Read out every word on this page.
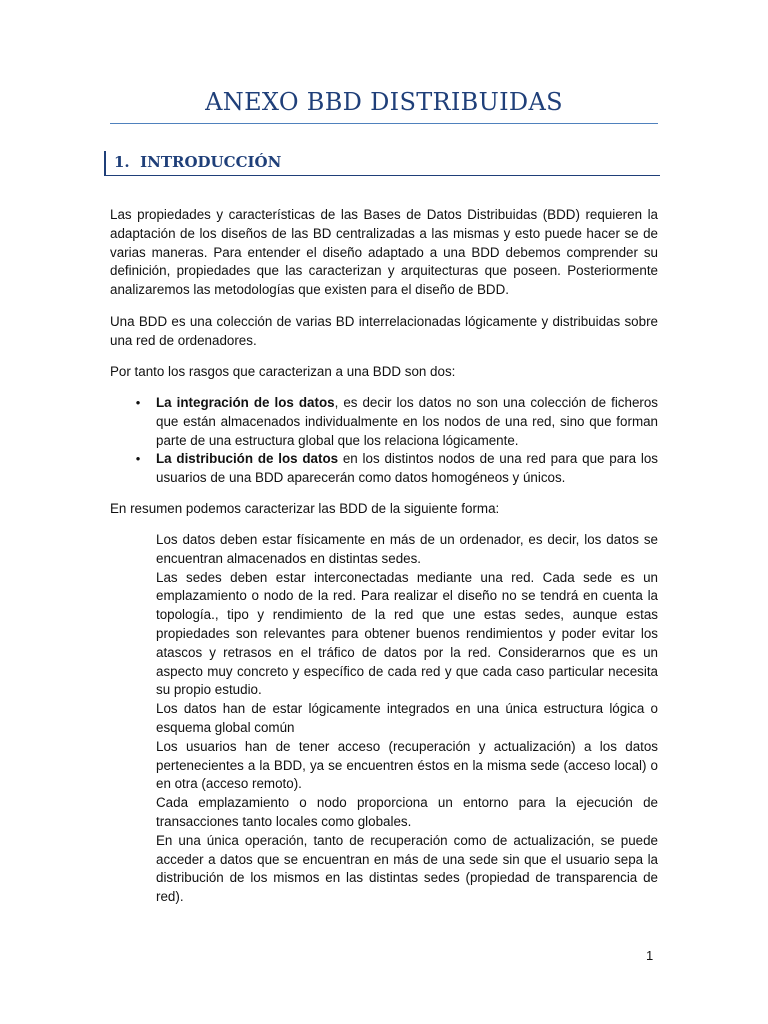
ANEXO BBD DISTRIBUIDAS
1. INTRODUCCIÓN

Las propiedades y características de las Bases de Datos Distribuidas (BDD) requieren la adaptación de los diseños de las BD centralizadas a las mismas y esto puede hacer se de varias maneras. Para entender el diseño adaptado a una BDD debemos comprender su definición, propiedades que las caracterizan y arquitecturas que poseen. Posteriormente analizaremos las metodologías que existen para el diseño de BDD.

Una BDD es una colección de varias BD interrelacionadas lógicamente y distribuidas sobre una red de ordenadores.

Por tanto los rasgos que caracterizan a una BDD son dos:

• La integración de los datos, es decir los datos no son una colección de ficheros que están almacenados individualmente en los nodos de una red, sino que forman parte de una estructura global que los relaciona lógicamente.
• La distribución de los datos en los distintos nodos de una red para que para los usuarios de una BDD aparecerán como datos homogéneos y únicos.

En resumen podemos caracterizar las BDD de la siguiente forma:

Los datos deben estar físicamente en más de un ordenador, es decir, los datos se encuentran almacenados en distintas sedes.
Las sedes deben estar interconectadas mediante una red. Cada sede es un emplazamiento o nodo de la red. Para realizar el diseño no se tendrá en cuenta la topología., tipo y rendimiento de la red que une estas sedes, aunque estas propiedades son relevantes para obtener buenos rendimientos y poder evitar los atascos y retrasos en el tráfico de datos por la red. Considerarnos que es un aspecto muy concreto y específico de cada red y que cada caso particular necesita su propio estudio.
Los datos han de estar lógicamente integrados en una única estructura lógica o esquema global común
Los usuarios han de tener acceso (recuperación y actualización) a los datos pertenecientes a la BDD, ya se encuentren éstos en la misma sede (acceso local) o en otra (acceso remoto).
Cada emplazamiento o nodo proporciona un entorno para la ejecución de transacciones tanto locales como globales.
En una única operación, tanto de recuperación como de actualización, se puede acceder a datos que se encuentran en más de una sede sin que el usuario sepa la distribución de los mismos en las distintas sedes (propiedad de transparencia de red).
1
